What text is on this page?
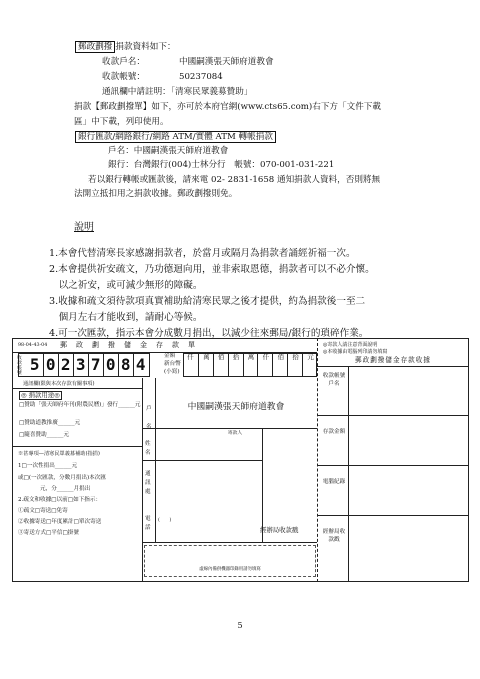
郵政劃撥 捐款資料如下：
收款戶名：	中國嗣漢張天師府道教會
收款帳號：	50237084
通訊欄中請註明：「清寒民眾義募贊助」
捐款【郵政劃撥單】如下，亦可於本府官網(www.cts65.com)右下方「文件下載
區」中下載，列印使用。
銀行匯款/網路銀行/網路 ATM/實體 ATM 轉帳捐款
戶名：中國嗣漢張天師府道教會
銀行：台灣銀行(004)士林分行　帳號：070-001-031-221
若以銀行轉帳或匯款後，請來電 02- 2831-1658 通知捐款人資料，否則將無
法開立抵扣用之捐款收據。郵政劃撥則免。
說明
1.本會代替清寒長家感謝捐款者，於當月或隔月為捐款者誦經祈福一次。
2.本會提供祈安疏文，乃功德迴向用，並非索取恩德，捐款者可以不必介懷。
　以之祈安，或可減少無形的障礙。
3.收據和疏文須待款項真實補助給清寒民眾之後才提供，約為捐款後一至二
　個月左右才能收到，請耐心等候。
4.可一次匯款，指示本會分成數月捐出，以減少往來郵局/銀行的瑣碎作業。
98-04-43-04 郵　政　劃　撥　儲　金　存　款　單
5 0 2 3 7 0 8 4
收
款
帳
號
金額
新台幣
(小寫)
仟	萬	佰	拾	萬	仟	佰	拾	元
通訊欄(限與本次存款有關事項)
◎ 捐款用途◎
□贊助「張天師府年刊(附農民曆)」發行______元
□贊助道教推廣______元
□隨喜贊助______元
※甚專項—清寒民眾義募補助(指捐)
1□一次性捐出______元
或□(一次匯款，分數月捐出)本次匯
元，分______月捐出
2.疏文和收據□以前□如下指示：
①疏文□寄送□免寄
②收據寄送□年度累計□單次寄送
③寄送方式□平信□掛號
戶

名
中國嗣漢張天師府道教會
寄款人
姓
名
通
訊
處
電
話
(　　)
經辦局收款戳
虛線內備供機器印錄用請勿填寫
◎寄款人請注意背面說明
◎本收據由電腦列印請勿填寫
郵政劃撥儲金存款收據
收款帳號戶名
存款金額
電腦紀錄
經辦局收款戳
5
